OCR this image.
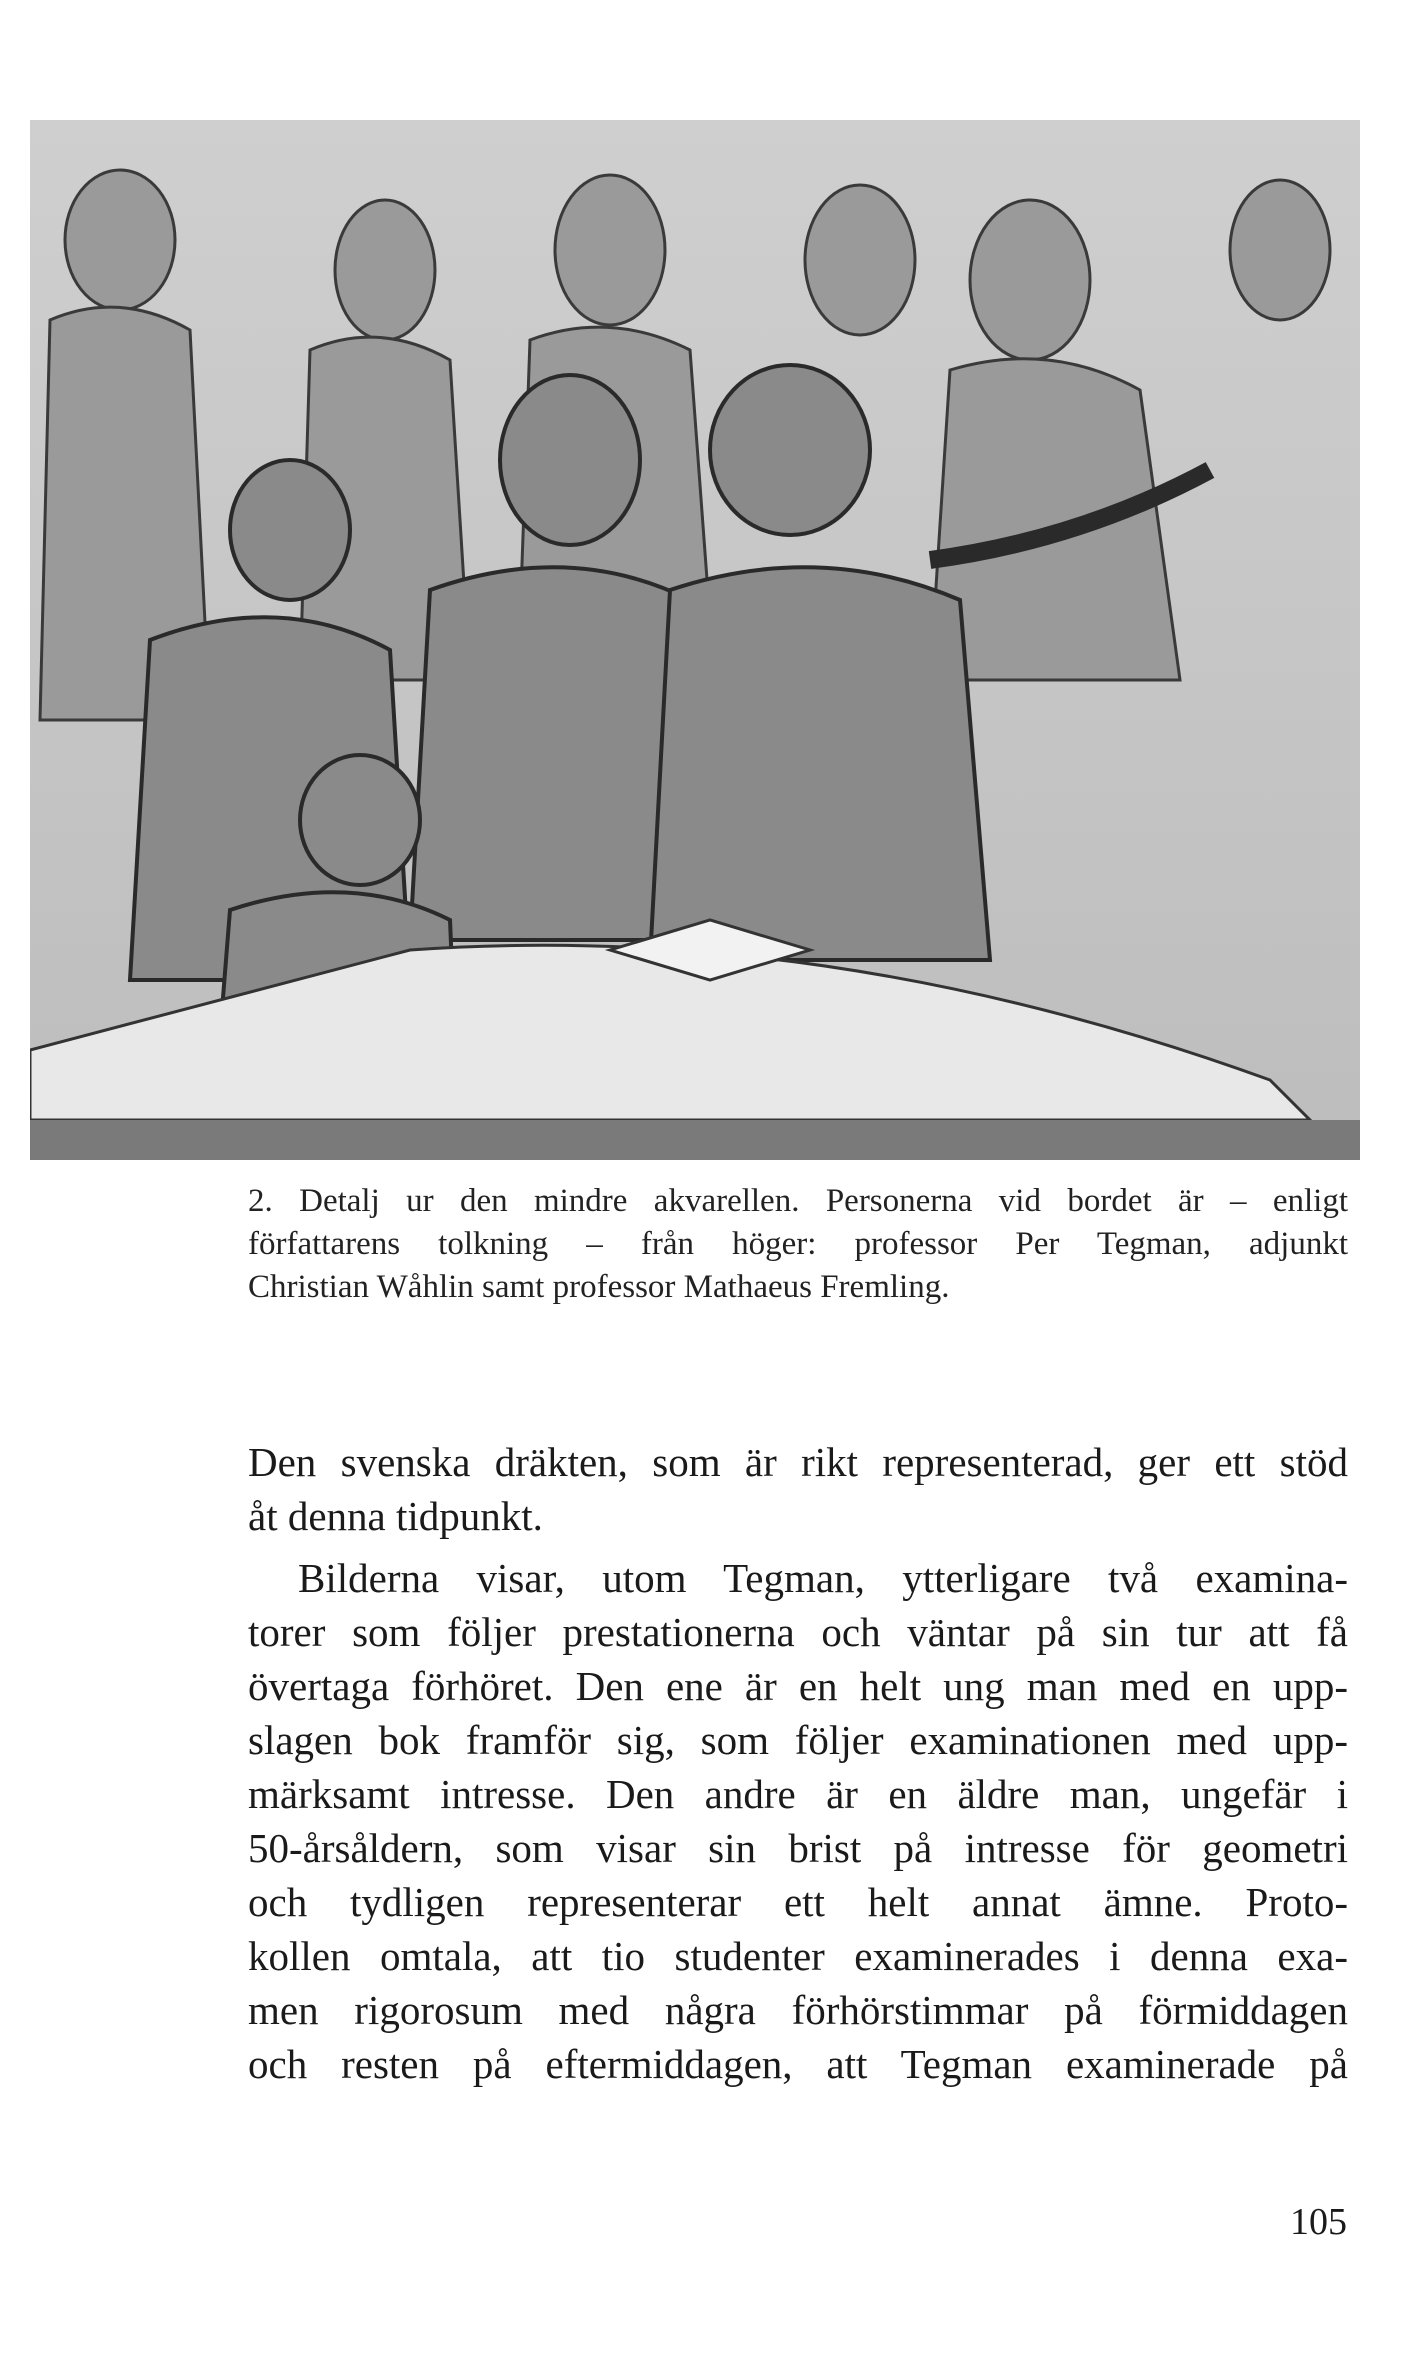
2. Detalj ur den mindre akvarellen. Personerna vid bordet är – enligt
författarens tolkning – från höger: professor Per Tegman, adjunkt
Christian Wåhlin samt professor Mathaeus Fremling.
Den svenska dräkten, som är rikt representerad, ger ett stöd
åt denna tidpunkt.
Bilderna visar, utom Tegman, ytterligare två examina-
torer som följer prestationerna och väntar på sin tur att få
övertaga förhöret. Den ene är en helt ung man med en upp-
slagen bok framför sig, som följer examinationen med upp-
märksamt intresse. Den andre är en äldre man, ungefär i
50-årsåldern, som visar sin brist på intresse för geometri
och tydligen representerar ett helt annat ämne. Proto-
kollen omtala, att tio studenter examinerades i denna exa-
men rigorosum med några förhörstimmar på förmiddagen
och resten på eftermiddagen, att Tegman examinerade på
105
